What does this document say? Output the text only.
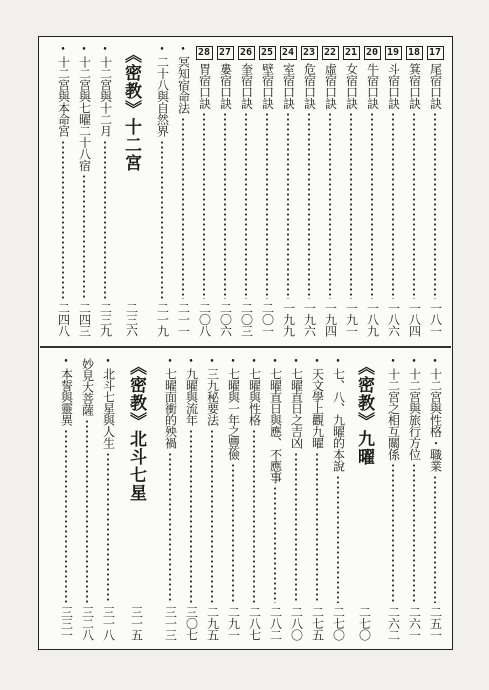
17
尾宿口訣
一八一
18
箕宿口訣
一八四
19
斗宿口訣
一八六
20
牛宿口訣
一八九
21
女宿口訣
一九一
22
虛宿口訣
一九四
23
危宿口訣
一九六
24
室宿口訣
一九九
25
壁宿口訣
二〇一
26
奎宿口訣
二〇三
27
婁宿口訣
二〇六
28
胃宿口訣
二〇八
•
冥知宿命法
二一一
•
二十八與自然界
二一九
《密教》十二宮
二三六
•
十二宮與十二月
二三九
•
十二宮與七曜二十八宿
二四三
•
十二宮與本命宮
二四八
•
十二宮與性格・職業
二五一
•
十二宮與旅行方位
二六一
•
十二宮之相互關係
二六二
《密教》九曜
二七〇
•
七、八、九曜的本說
二七〇
•
天文學上觀九曜
二七五
•
七曜直日之吉凶
二八〇
•
七曜直日與應、不應事
二八二
•
七曜與性格
二八七
•
七曜與一年之豐儉
二九一
•
三九秘要法
二九五
•
九曜與流年
三〇七
•
七曜面衝的殃禍
三一三
《密教》北斗七星
三一五
•
北斗七星與人生
三一八
妙見大菩薩
三二八
•
本誓與靈異
三三一
